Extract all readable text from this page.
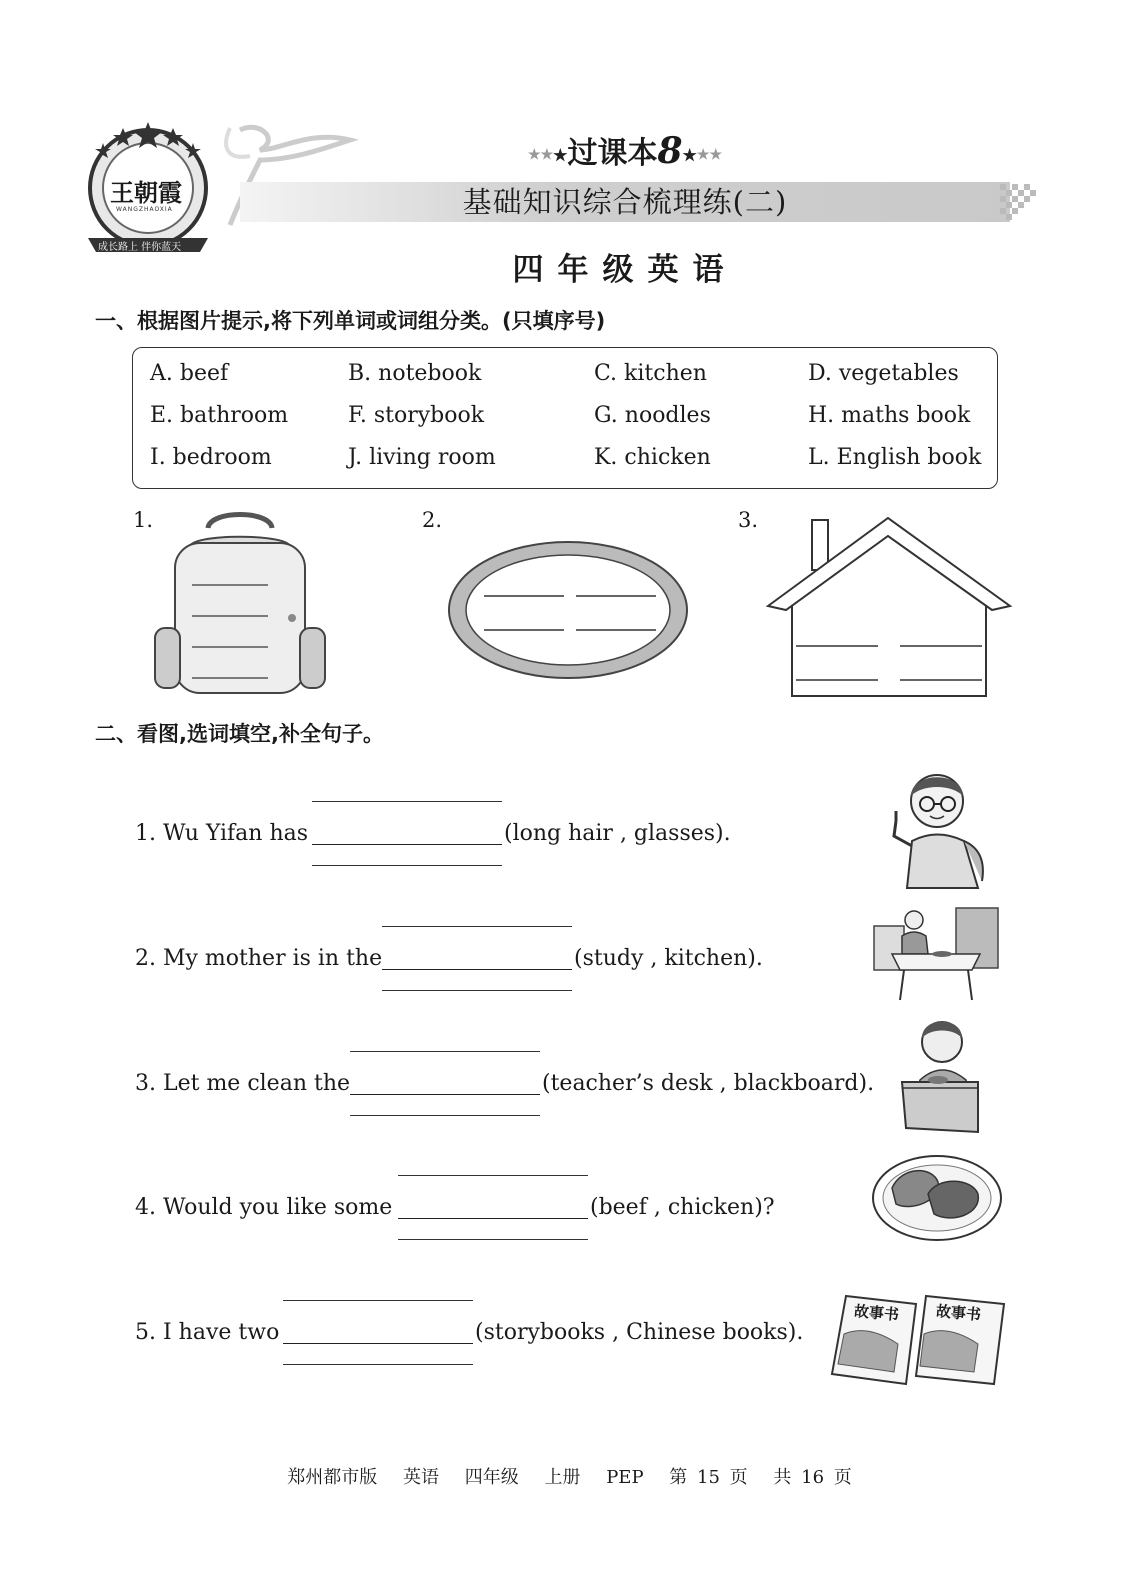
王朝霞
成长路上 伴你蓝天
WANGZHAOXIA
★★★过课本8★★★
基础知识综合梳理练(二)
四年级英语
一、根据图片提示,将下列单词或词组分类。(只填序号)
A. beef	B. notebook	C. kitchen	D. vegetables
E. bathroom	F. storybook	G. noodles	H. maths book
I. bedroom	J. living room	K. chicken	L. English book
1.	2.	3.
二、看图,选词填空,补全句子。
1. Wu Yifan has	(long hair , glasses).
2. My mother is in the	(study , kitchen).
3. Let me clean the	(teacher’s desk , blackboard).
4. Would you like some	(beef , chicken)?
5. I have two	(storybooks , Chinese books).
故事书 故事书
郑州都市版 英语 四年级 上册 PEP 第 15 页 共 16 页
